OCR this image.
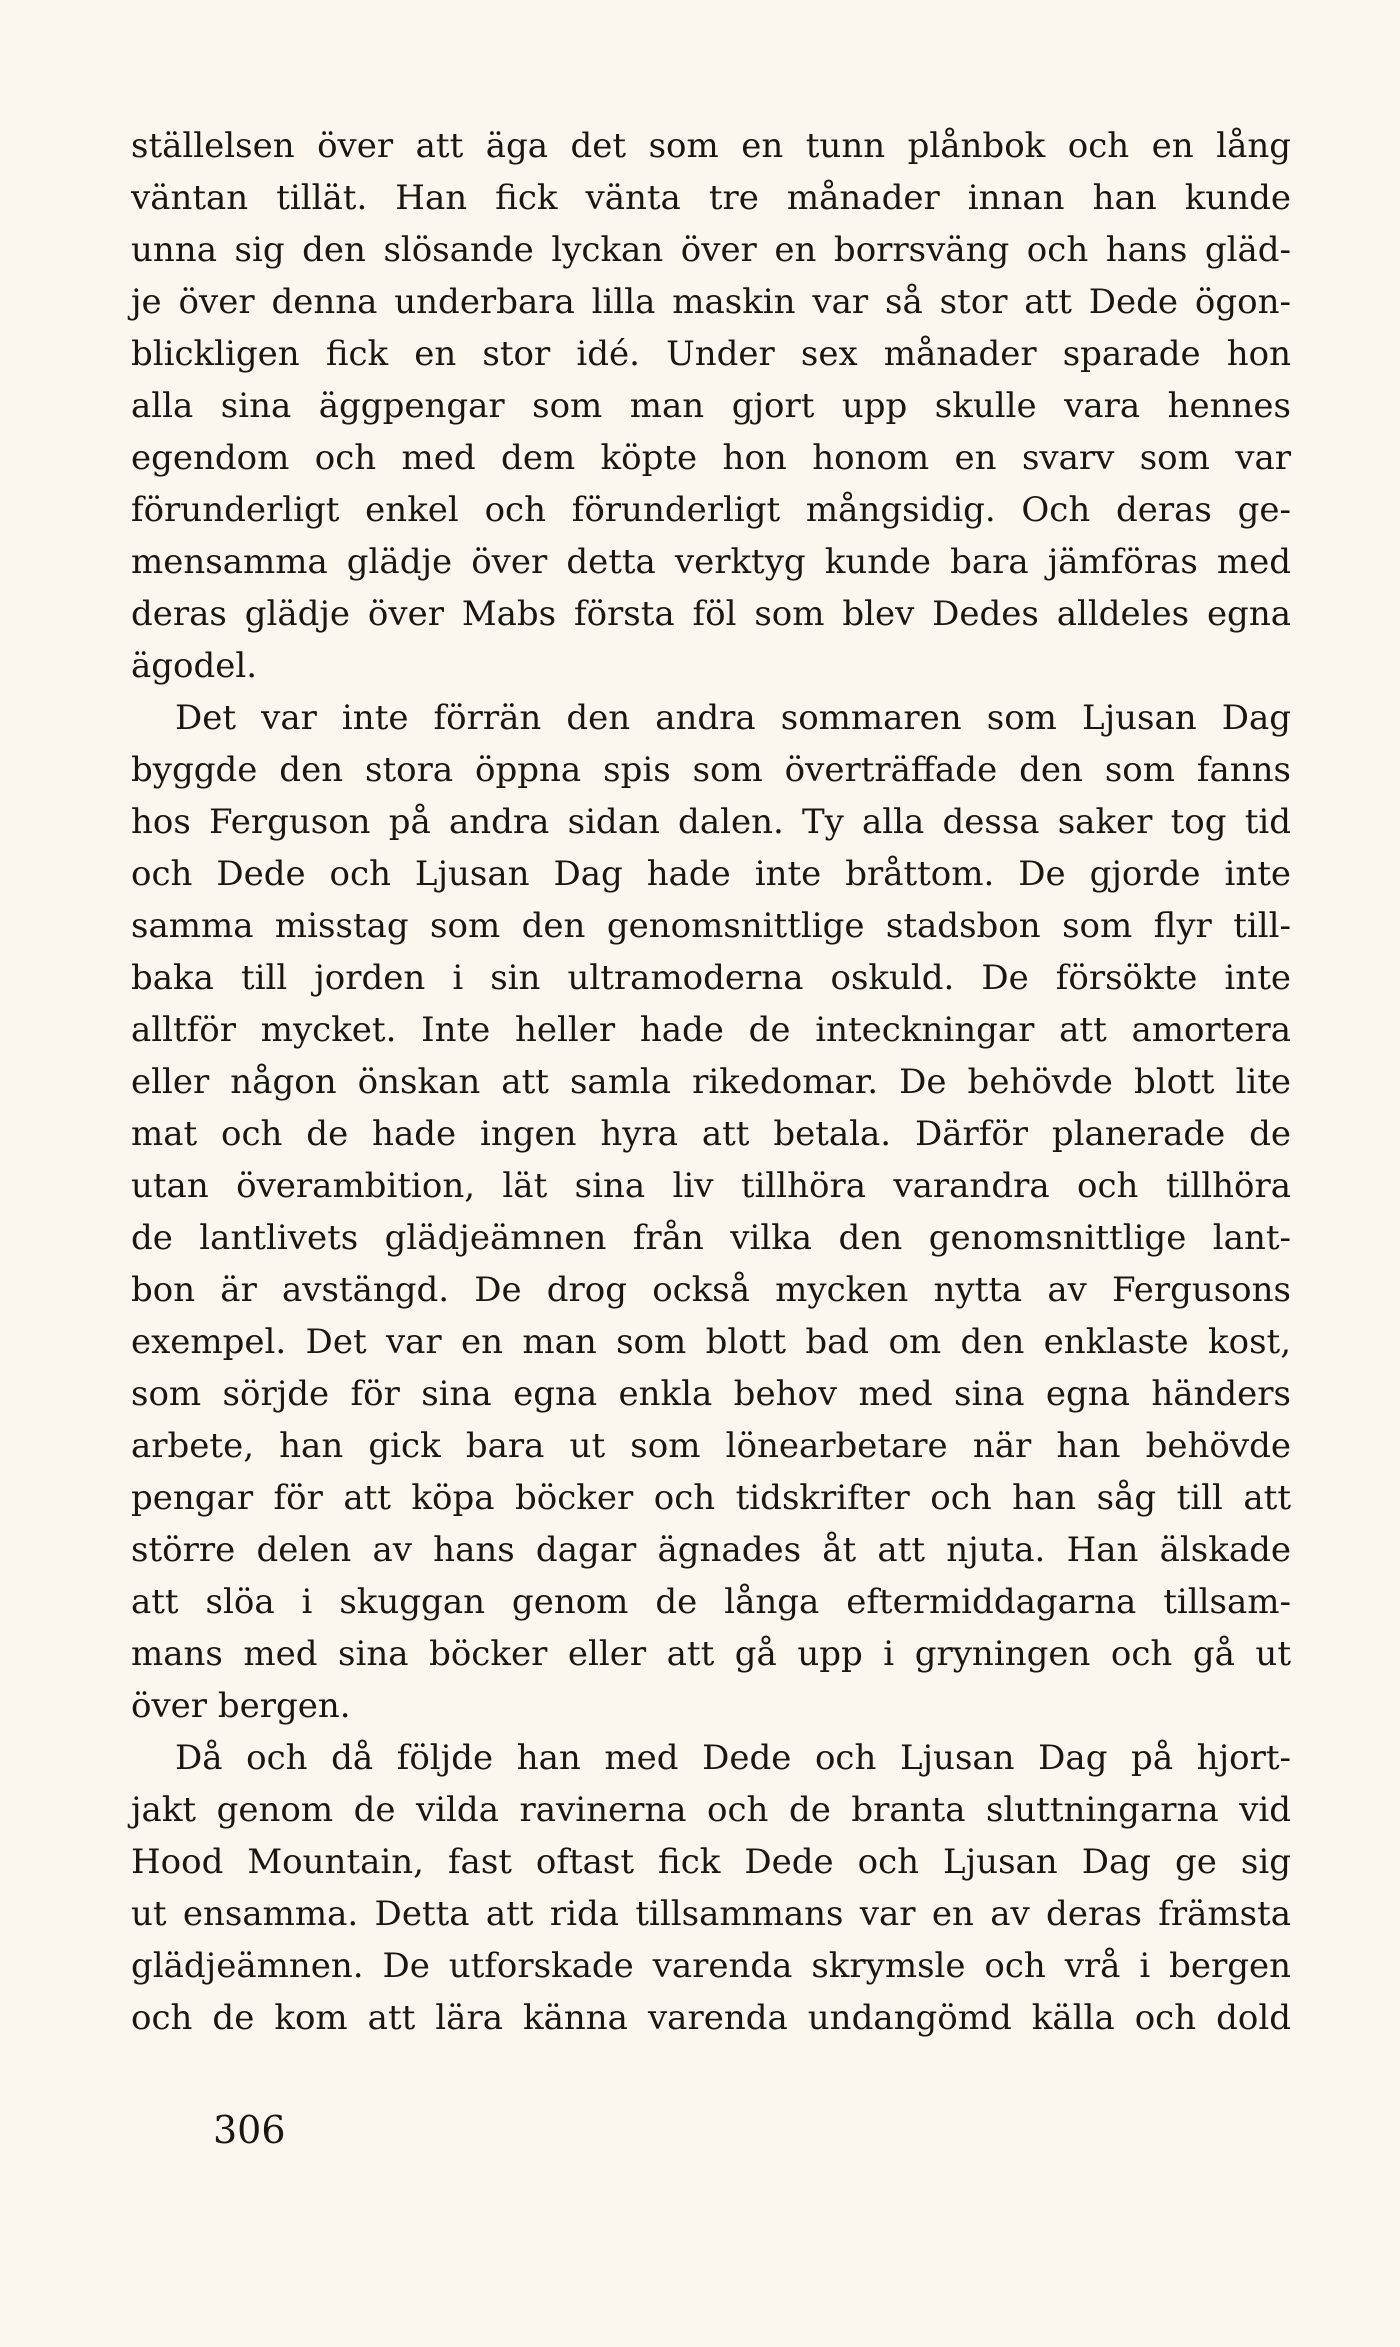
ställelsen över att äga det som en tunn plånbok och en lång
väntan tillät. Han fick vänta tre månader innan han kunde
unna sig den slösande lyckan över en borrsväng och hans gläd-
je över denna underbara lilla maskin var så stor att Dede ögon-
blickligen fick en stor idé. Under sex månader sparade hon
alla sina äggpengar som man gjort upp skulle vara hennes
egendom och med dem köpte hon honom en svarv som var
förunderligt enkel och förunderligt mångsidig. Och deras ge-
mensamma glädje över detta verktyg kunde bara jämföras med
deras glädje över Mabs första föl som blev Dedes alldeles egna
ägodel.
Det var inte förrän den andra sommaren som Ljusan Dag
byggde den stora öppna spis som överträffade den som fanns
hos Ferguson på andra sidan dalen. Ty alla dessa saker tog tid
och Dede och Ljusan Dag hade inte bråttom. De gjorde inte
samma misstag som den genomsnittlige stadsbon som flyr till-
baka till jorden i sin ultramoderna oskuld. De försökte inte
alltför mycket. Inte heller hade de inteckningar att amortera
eller någon önskan att samla rikedomar. De behövde blott lite
mat och de hade ingen hyra att betala. Därför planerade de
utan överambition, lät sina liv tillhöra varandra och tillhöra
de lantlivets glädjeämnen från vilka den genomsnittlige lant-
bon är avstängd. De drog också mycken nytta av Fergusons
exempel. Det var en man som blott bad om den enklaste kost,
som sörjde för sina egna enkla behov med sina egna händers
arbete, han gick bara ut som lönearbetare när han behövde
pengar för att köpa böcker och tidskrifter och han såg till att
större delen av hans dagar ägnades åt att njuta. Han älskade
att slöa i skuggan genom de långa eftermiddagarna tillsam-
mans med sina böcker eller att gå upp i gryningen och gå ut
över bergen.
Då och då följde han med Dede och Ljusan Dag på hjort-
jakt genom de vilda ravinerna och de branta sluttningarna vid
Hood Mountain, fast oftast fick Dede och Ljusan Dag ge sig
ut ensamma. Detta att rida tillsammans var en av deras främsta
glädjeämnen. De utforskade varenda skrymsle och vrå i bergen
och de kom att lära känna varenda undangömd källa och dold
306
